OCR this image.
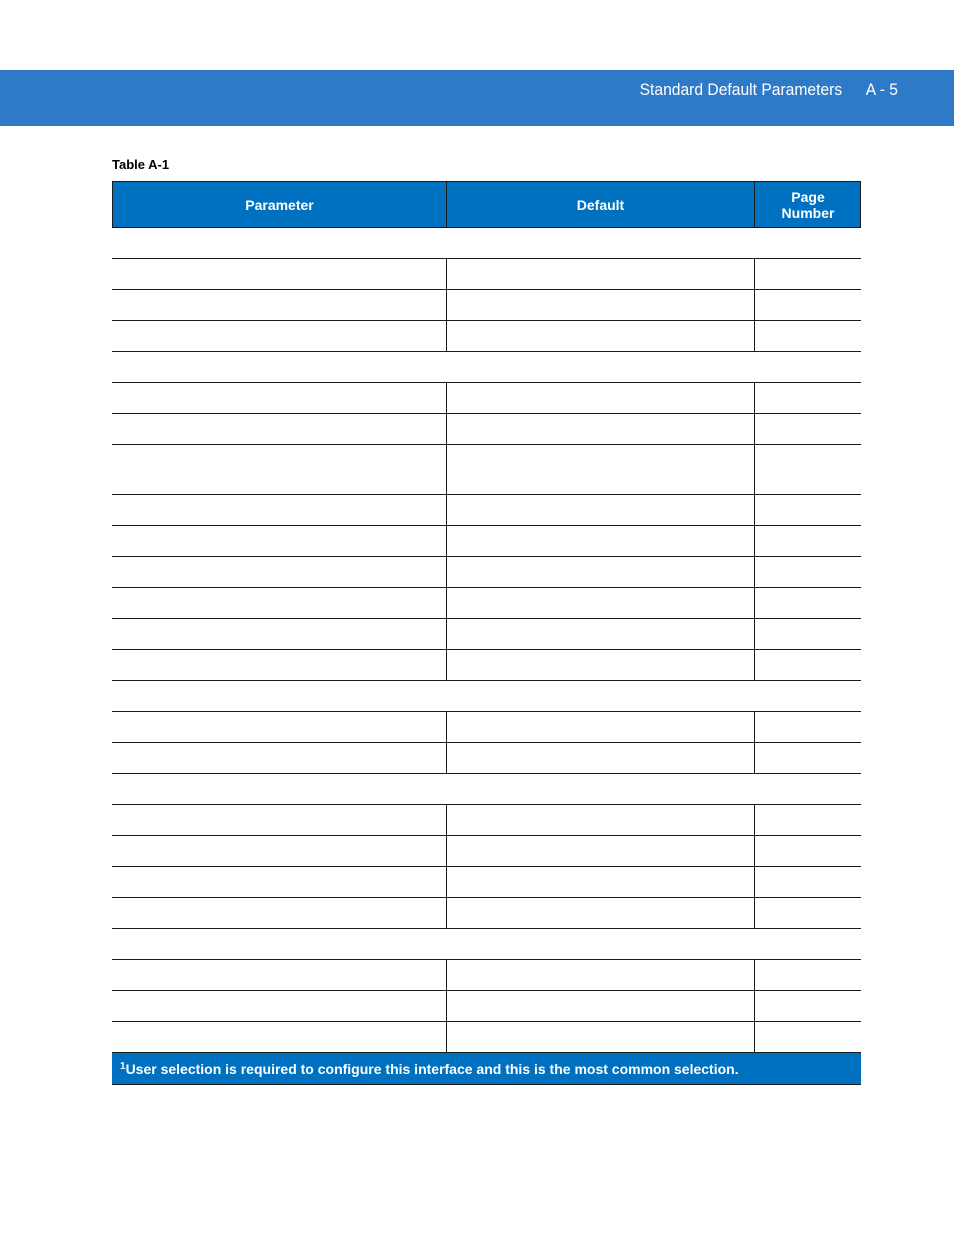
Standard Default Parameters A - 5
Table A-1
Parameter	Default	Page
Number
$^1$User selection is required to configure this interface and this is the most common selection.
